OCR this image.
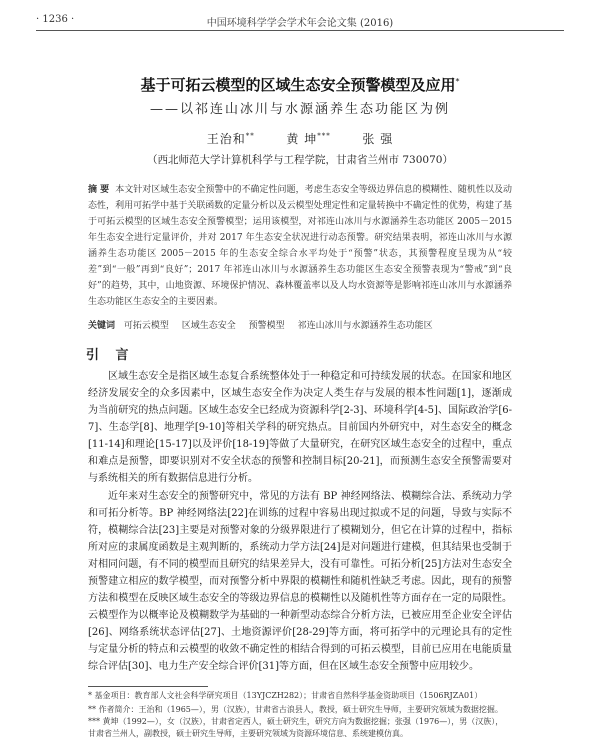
· 1236 ·	中国环境科学学会学术年会论文集 (2016)
基于可拓云模型的区域生态安全预警模型及应用*
——以祁连山冰川与水源涵养生态功能区为例
王治和**	黄 坤***	张 强
（西北师范大学计算机科学与工程学院，甘肃省兰州市 730070）
摘 要 本文针对区域生态安全预警中的不确定性问题，考虑生态安全等级边界信息的模糊性、随机性以及动态性，利用可拓学中基于关联函数的定量分析以及云模型处理定性和定量转换中不确定性的优势，构建了基于可拓云模型的区域生态安全预警模型；运用该模型，对祁连山冰川与水源涵养生态功能区 2005－2015 年生态安全进行定量评价，并对 2017 年生态安全状况进行动态预警。研究结果表明，祁连山冰川与水源涵养生态功能区 2005－2015 年的生态安全综合水平均处于“预警”状态，其预警程度呈现为从“较差”到“一般”再到“良好”；2017 年祁连山冰川与水源涵养生态功能区生态安全预警表现为“警戒”到“良好”的趋势，其中，山地资源、环境保护情况、森林覆盖率以及人均水资源等是影响祁连山冰川与水源涵养生态功能区生态安全的主要因素。
关键词 可拓云模型 区域生态安全 预警模型 祁连山冰川与水源涵养生态功能区
引 言
区域生态安全是指区域生态复合系统整体处于一种稳定和可持续发展的状态。在国家和地区经济发展安全的众多因素中，区域生态安全作为决定人类生存与发展的根本性问题[1]，逐渐成为当前研究的热点问题。区域生态安全已经成为资源科学[2-3]、环境科学[4-5]、国际政治学[6-7]、生态学[8]、地理学[9-10]等相关学科的研究热点。目前国内外研究中，对生态安全的概念[11-14]和理论[15-17]以及评价[18-19]等做了大量研究，在研究区域生态安全的过程中，重点和难点是预警，即要识别对不安全状态的预警和控制目标[20-21]，而预测生态安全预警需要对与系统相关的所有数据信息进行分析。
近年来对生态安全的预警研究中，常见的方法有 BP 神经网络法、模糊综合法、系统动力学和可拓分析等。BP 神经网络法[22]在训练的过程中容易出现过拟或不足的问题，导致与实际不符，模糊综合法[23]主要是对预警对象的分级界限进行了模糊划分，但它在计算的过程中，指标所对应的隶属度函数是主观判断的，系统动力学方法[24]是对问题进行建模，但其结果也受制于对相同问题，有不同的模型而且研究的结果差异大，没有可靠性。可拓分析[25]方法对生态安全预警建立相应的数学模型，而对预警分析中界限的模糊性和随机性缺乏考虑。因此，现有的预警方法和模型在反映区域生态安全的等级边界信息的模糊性以及随机性等方面存在一定的局限性。云模型作为以概率论及模糊数学为基础的一种新型动态综合分析方法，已被应用至企业安全评估[26]、网络系统状态评估[27]、土地资源评价[28-29]等方面，将可拓学中的元理论具有的定性与定量分析的特点和云模型的收敛不确定性的相结合得到的可拓云模型，目前已应用在电能质量综合评估[30]、电力生产安全综合评价[31]等方面，但在区域生态安全预警中应用较少。
* 基金项目：教育部人文社会科学研究项目（13YJCZH282）；甘肃省自然科学基金资助项目（1506RJZA01）
** 作者简介：王治和（1965—），男（汉族），甘肃省古浪县人，教授，硕士研究生导师，主要研究领域为数据挖掘。
*** 黄坤（1992—），女（汉族），甘肃省定西人，硕士研究生，研究方向为数据挖掘；张强（1976—），男（汉族），
甘肃省兰州人，副教授，硕士研究生导师，主要研究领域为资源环境信息、系统建模仿真。
